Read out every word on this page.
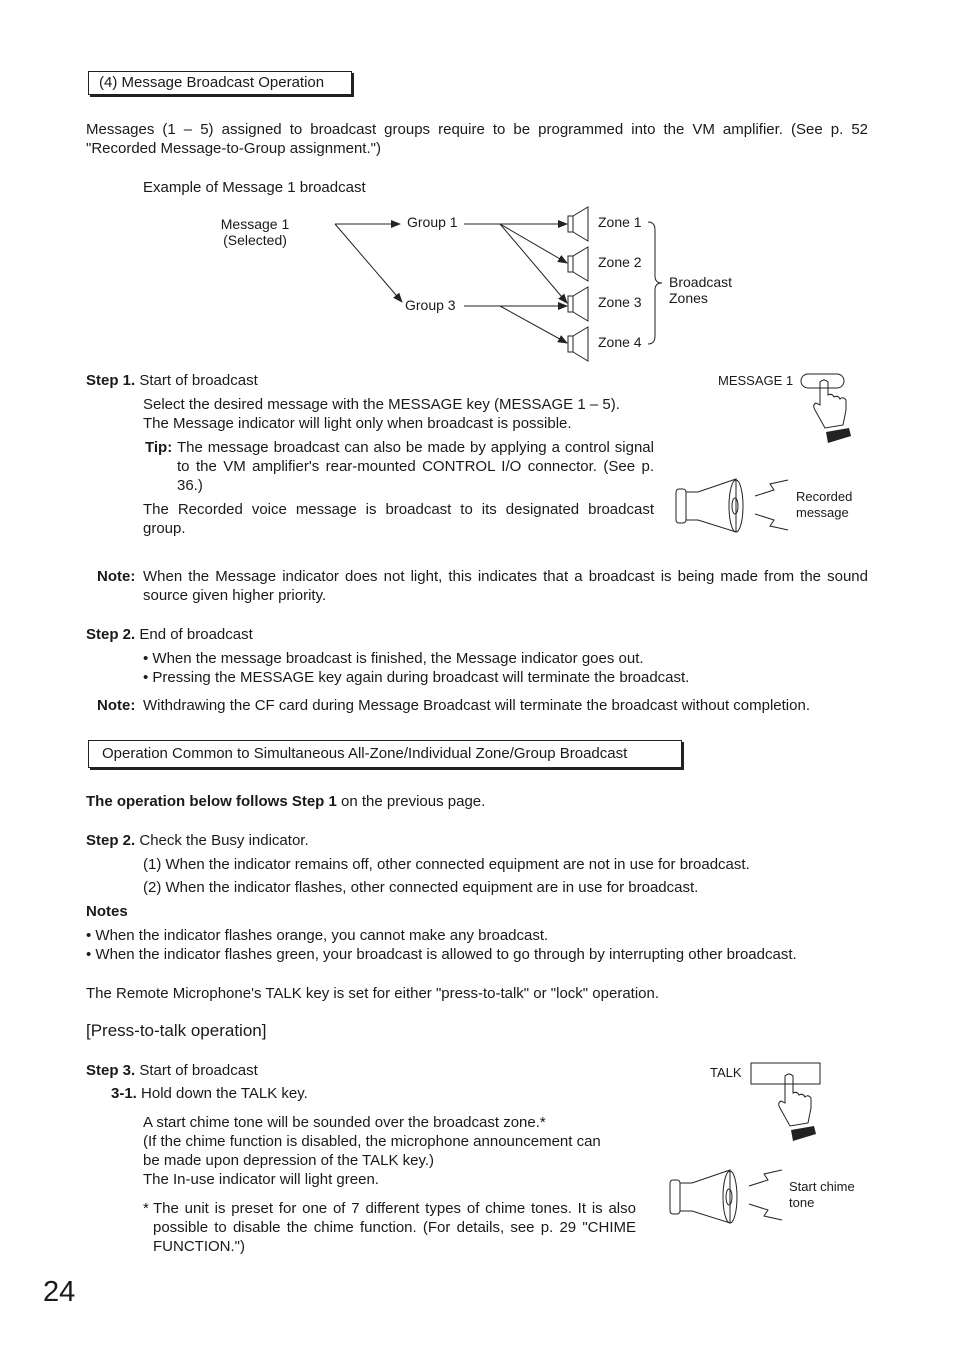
(4) Message Broadcast Operation
Messages (1 – 5) assigned to broadcast groups require to be programmed into the VM amplifier. (See p. 52 "Recorded Message-to-Group assignment.")
Example of Message 1 broadcast
Message 1
(Selected)
Group 1
Group 3
Zone 1
Zone 2
Zone 3
Zone 4
Broadcast
Zones
Step 1. Start of broadcast
Select the desired message with the MESSAGE key (MESSAGE 1 – 5).
The Message indicator will light only when broadcast is possible.
Tip: The message broadcast can also be made by applying a control signal to the VM amplifier's rear-mounted CONTROL I/O connector. (See p. 36.)
The Recorded voice message is broadcast to its designated broadcast group.
MESSAGE 1
Recorded
message
Note: When the Message indicator does not light, this indicates that a broadcast is being made from the sound source given higher priority.
Step 2. End of broadcast
• When the message broadcast is finished, the Message indicator goes out.
• Pressing the MESSAGE key again during broadcast will terminate the broadcast.
Note: Withdrawing the CF card during Message Broadcast will terminate the broadcast without completion.
Operation Common to Simultaneous All-Zone/Individual Zone/Group Broadcast
The operation below follows Step 1 on the previous page.
Step 2. Check the Busy indicator.
(1) When the indicator remains off, other connected equipment are not in use for broadcast.
(2) When the indicator flashes, other connected equipment are in use for broadcast.
Notes
• When the indicator flashes orange, you cannot make any broadcast.
• When the indicator flashes green, your broadcast is allowed to go through by interrupting other broadcast.
The Remote Microphone's TALK key is set for either "press-to-talk" or "lock" operation.
[Press-to-talk operation]
Step 3. Start of broadcast
3-1. Hold down the TALK key.
A start chime tone will be sounded over the broadcast zone.*
(If the chime function is disabled, the microphone announcement can
be made upon depression of the TALK key.)
The In-use indicator will light green.
* The unit is preset for one of 7 different types of chime tones. It is also possible to disable the chime function. (For details, see p. 29 "CHIME FUNCTION.")
TALK
Start chime
tone
24
